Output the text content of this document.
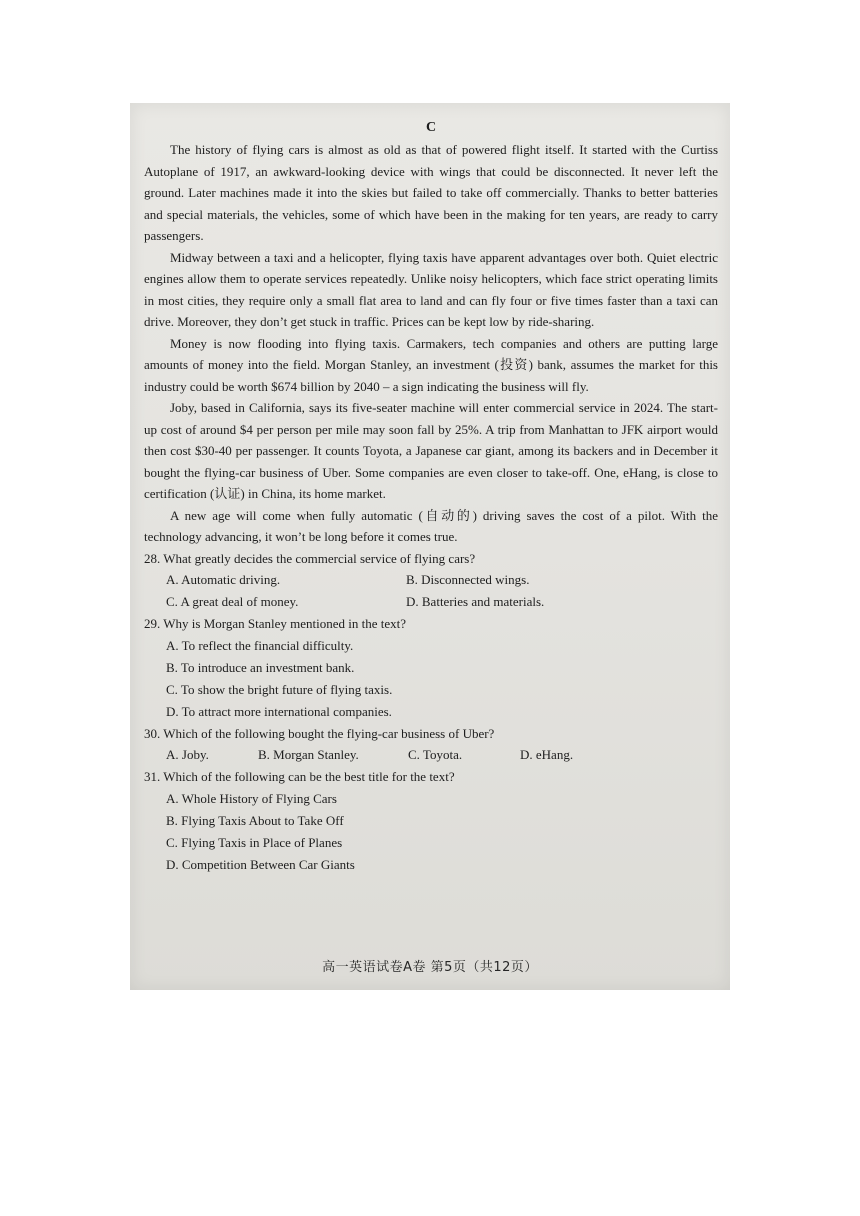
C

The history of flying cars is almost as old as that of powered flight itself. It started with the Curtiss Autoplane of 1917, an awkward-looking device with wings that could be disconnected. It never left the ground. Later machines made it into the skies but failed to take off commercially. Thanks to better batteries and special materials, the vehicles, some of which have been in the making for ten years, are ready to carry passengers.

Midway between a taxi and a helicopter, flying taxis have apparent advantages over both. Quiet electric engines allow them to operate services repeatedly. Unlike noisy helicopters, which face strict operating limits in most cities, they require only a small flat area to land and can fly four or five times faster than a taxi can drive. Moreover, they don’t get stuck in traffic. Prices can be kept low by ride-sharing.

Money is now flooding into flying taxis. Carmakers, tech companies and others are putting large amounts of money into the field. Morgan Stanley, an investment (投资) bank, assumes the market for this industry could be worth $674 billion by 2040 – a sign indicating the business will fly.

Joby, based in California, says its five-seater machine will enter commercial service in 2024. The start-up cost of around $4 per person per mile may soon fall by 25%. A trip from Manhattan to JFK airport would then cost $30-40 per passenger. It counts Toyota, a Japanese car giant, among its backers and in December it bought the flying-car business of Uber. Some companies are even closer to take-off. One, eHang, is close to certification (认证) in China, its home market.

A new age will come when fully automatic (自动的) driving saves the cost of a pilot. With the technology advancing, it won’t be long before it comes true.

28. What greatly decides the commercial service of flying cars?
A. Automatic driving.	B. Disconnected wings.
C. A great deal of money.	D. Batteries and materials.
29. Why is Morgan Stanley mentioned in the text?
A. To reflect the financial difficulty.
B. To introduce an investment bank.
C. To show the bright future of flying taxis.
D. To attract more international companies.
30. Which of the following bought the flying-car business of Uber?
A. Joby.	B. Morgan Stanley.	C. Toyota.	D. eHang.
31. Which of the following can be the best title for the text?
A. Whole History of Flying Cars
B. Flying Taxis About to Take Off
C. Flying Taxis in Place of Planes
D. Competition Between Car Giants
高一英语试卷A卷 第5页（共12页）
